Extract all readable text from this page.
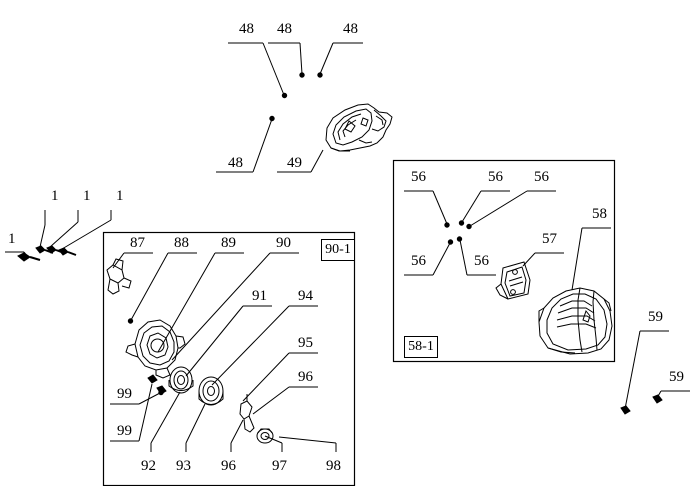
48 48	48
48	49
1
1 1 1
87 88 89	90
91 94
95
96
99
99
92 93 96 97	98
56	56 56
56	56
57
58
59
59
90-1
58-1
